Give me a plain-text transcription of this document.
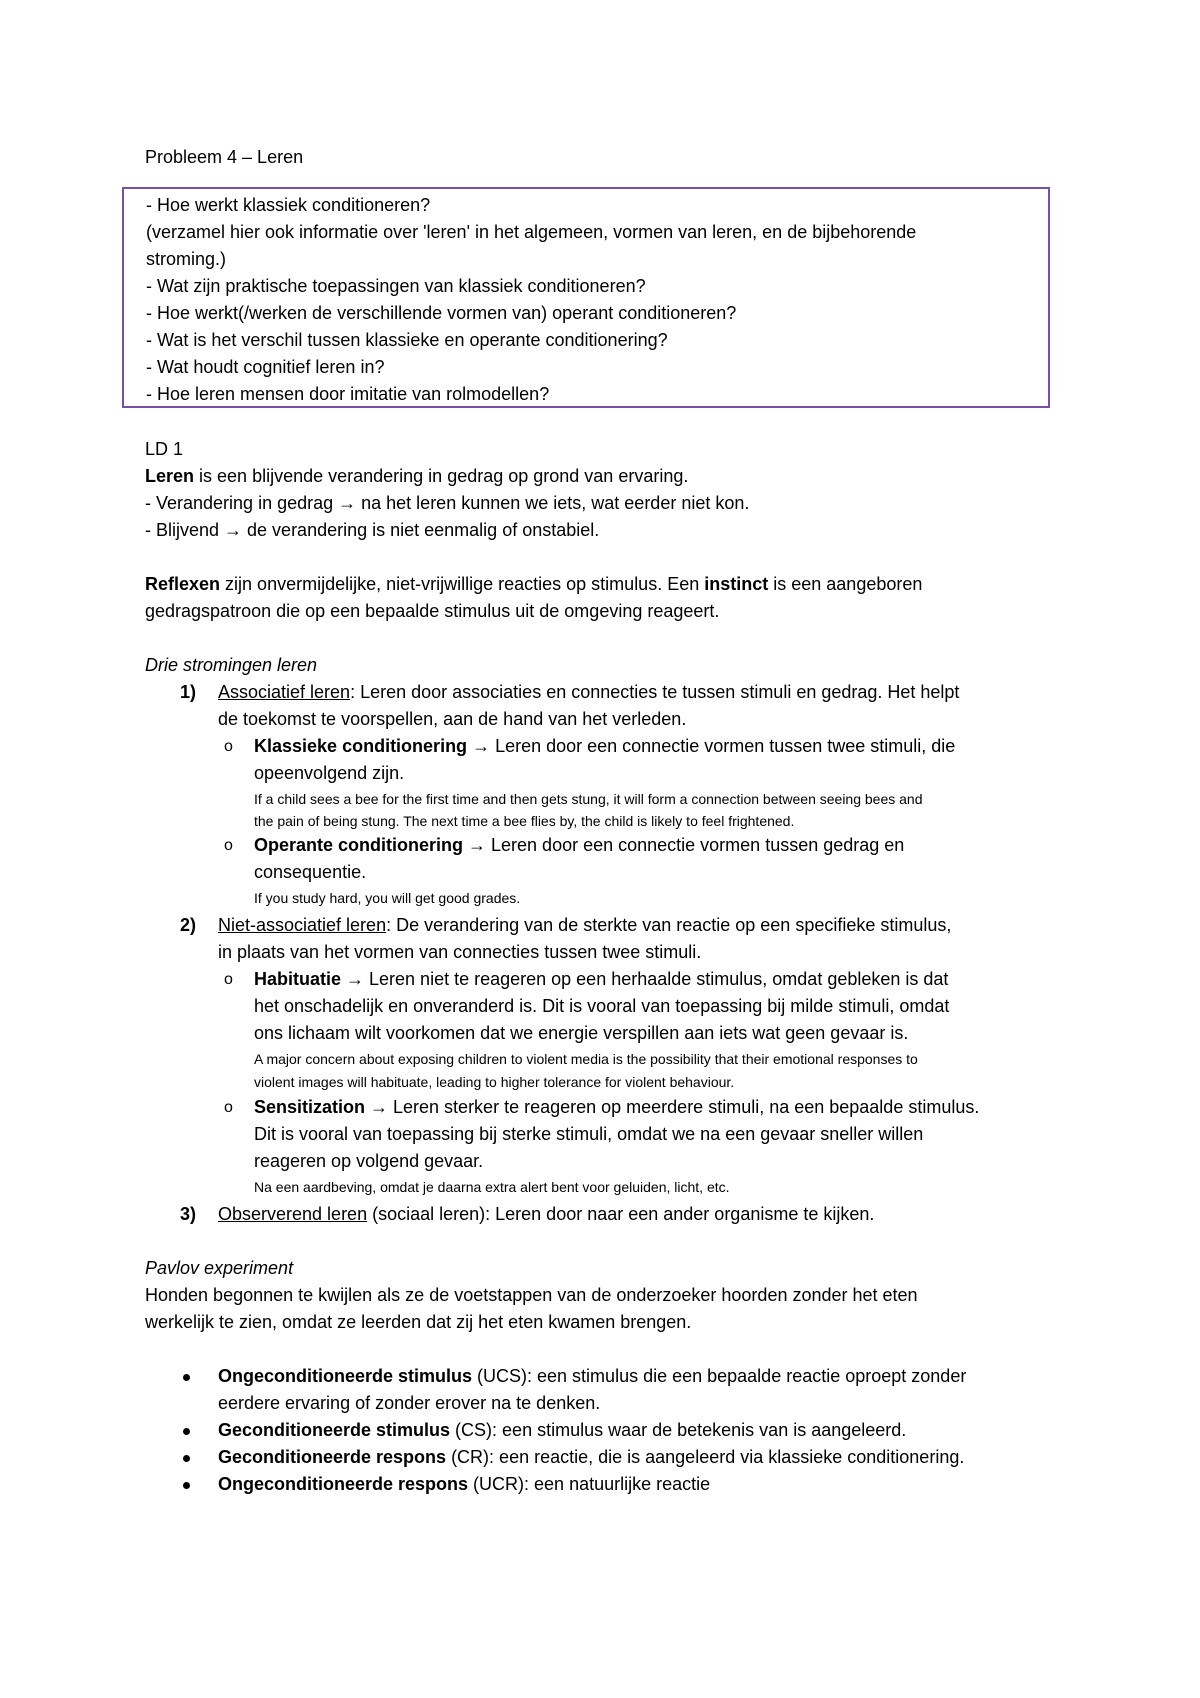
Probleem 4 – Leren
- Hoe werkt klassiek conditioneren?
(verzamel hier ook informatie over 'leren' in het algemeen, vormen van leren, en de bijbehorende
stroming.)
- Wat zijn praktische toepassingen van klassiek conditioneren?
- Hoe werkt(/werken de verschillende vormen van) operant conditioneren?
- Wat is het verschil tussen klassieke en operante conditionering?
- Wat houdt cognitief leren in?
- Hoe leren mensen door imitatie van rolmodellen?
LD 1
Leren is een blijvende verandering in gedrag op grond van ervaring.
- Verandering in gedrag → na het leren kunnen we iets, wat eerder niet kon.
- Blijvend → de verandering is niet eenmalig of onstabiel.
Reflexen zijn onvermijdelijke, niet-vrijwillige reacties op stimulus. Een instinct is een aangeboren
gedragspatroon die op een bepaalde stimulus uit de omgeving reageert.
Drie stromingen leren
1) Associatief leren: Leren door associaties en connecties te tussen stimuli en gedrag. Het helpt
de toekomst te voorspellen, aan de hand van het verleden.
o Klassieke conditionering → Leren door een connectie vormen tussen twee stimuli, die
opeenvolgend zijn.
If a child sees a bee for the first time and then gets stung, it will form a connection between seeing bees and
the pain of being stung. The next time a bee flies by, the child is likely to feel frightened.
o Operante conditionering → Leren door een connectie vormen tussen gedrag en
consequentie.
If you study hard, you will get good grades.
2) Niet-associatief leren: De verandering van de sterkte van reactie op een specifieke stimulus,
in plaats van het vormen van connecties tussen twee stimuli.
o Habituatie → Leren niet te reageren op een herhaalde stimulus, omdat gebleken is dat
het onschadelijk en onveranderd is. Dit is vooral van toepassing bij milde stimuli, omdat
ons lichaam wilt voorkomen dat we energie verspillen aan iets wat geen gevaar is.
A major concern about exposing children to violent media is the possibility that their emotional responses to
violent images will habituate, leading to higher tolerance for violent behaviour.
o Sensitization → Leren sterker te reageren op meerdere stimuli, na een bepaalde stimulus.
Dit is vooral van toepassing bij sterke stimuli, omdat we na een gevaar sneller willen
reageren op volgend gevaar.
Na een aardbeving, omdat je daarna extra alert bent voor geluiden, licht, etc.
3) Observerend leren (sociaal leren): Leren door naar een ander organisme te kijken.
Pavlov experiment
Honden begonnen te kwijlen als ze de voetstappen van de onderzoeker hoorden zonder het eten
werkelijk te zien, omdat ze leerden dat zij het eten kwamen brengen.
Ongeconditioneerde stimulus (UCS): een stimulus die een bepaalde reactie oproept zonder
eerdere ervaring of zonder erover na te denken.
Geconditioneerde stimulus (CS): een stimulus waar de betekenis van is aangeleerd.
Geconditioneerde respons (CR): een reactie, die is aangeleerd via klassieke conditionering.
Ongeconditioneerde respons (UCR): een natuurlijke reactie
